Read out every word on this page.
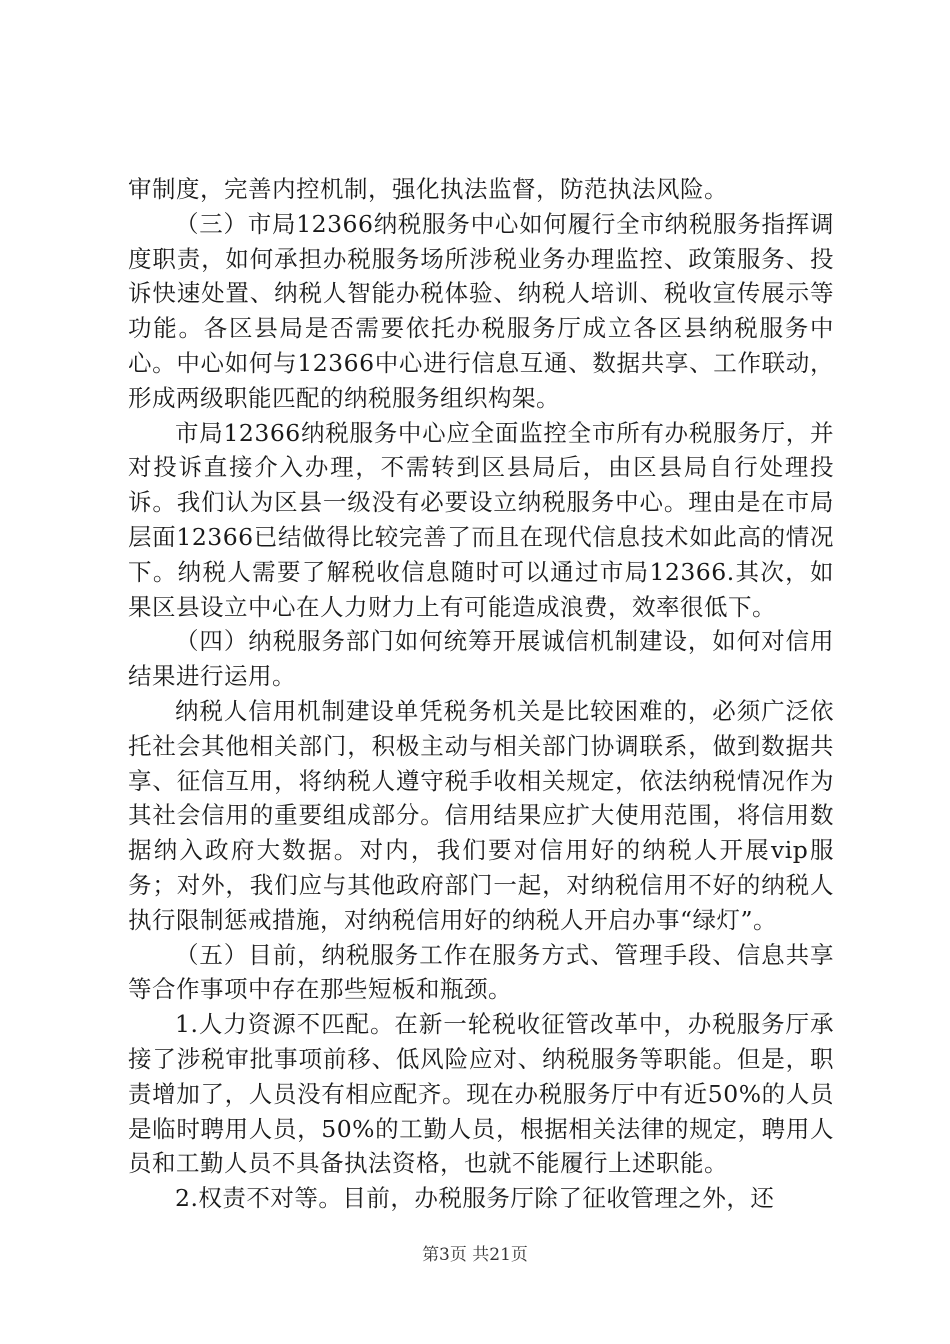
审制度，完善内控机制，强化执法监督，防范执法风险。

（三）市局12366纳税服务中心如何履行全市纳税服务指挥调度职责，如何承担办税服务场所涉税业务办理监控、政策服务、投诉快速处置、纳税人智能办税体验、纳税人培训、税收宣传展示等功能。各区县局是否需要依托办税服务厅成立各区县纳税服务中心。中心如何与12366中心进行信息互通、数据共享、工作联动，形成两级职能匹配的纳税服务组织构架。

市局12366纳税服务中心应全面监控全市所有办税服务厅，并对投诉直接介入办理，不需转到区县局后，由区县局自行处理投诉。我们认为区县一级没有必要设立纳税服务中心。理由是在市局层面12366已结做得比较完善了而且在现代信息技术如此高的情况下。纳税人需要了解税收信息随时可以通过市局12366.其次，如果区县设立中心在人力财力上有可能造成浪费，效率很低下。

（四）纳税服务部门如何统筹开展诚信机制建设，如何对信用结果进行运用。

纳税人信用机制建设单凭税务机关是比较困难的，必须广泛依托社会其他相关部门，积极主动与相关部门协调联系，做到数据共享、征信互用，将纳税人遵守税手收相关规定，依法纳税情况作为其社会信用的重要组成部分。信用结果应扩大使用范围，将信用数据纳入政府大数据。对内，我们要对信用好的纳税人开展vip服务；对外，我们应与其他政府部门一起，对纳税信用不好的纳税人执行限制惩戒措施，对纳税信用好的纳税人开启办事“绿灯”。

（五）目前，纳税服务工作在服务方式、管理手段、信息共享等合作事项中存在那些短板和瓶颈。

1.人力资源不匹配。在新一轮税收征管改革中，办税服务厅承接了涉税审批事项前移、低风险应对、纳税服务等职能。但是，职责增加了，人员没有相应配齐。现在办税服务厅中有近50%的人员是临时聘用人员，50%的工勤人员，根据相关法律的规定，聘用人员和工勤人员不具备执法资格，也就不能履行上述职能。

2.权责不对等。目前，办税服务厅除了征收管理之外，还

第3页 共21页
